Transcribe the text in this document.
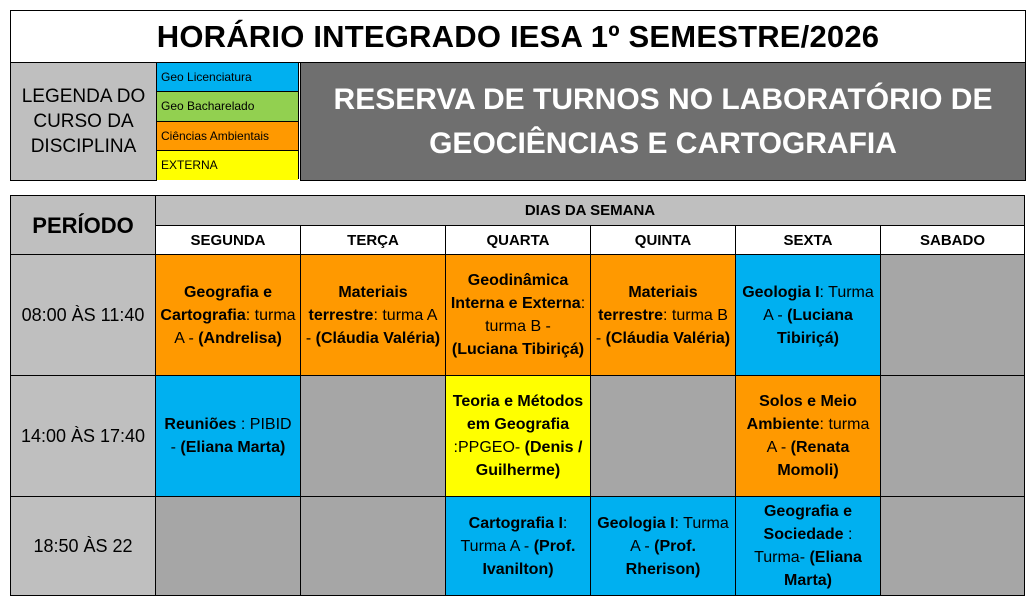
HORÁRIO INTEGRADO IESA 1º SEMESTRE/2026
LEGENDA DO
CURSO DA
DISCIPLINA
Geo Licenciatura
Geo Bacharelado
Ciências Ambientais
EXTERNA
RESERVA DE TURNOS NO LABORATÓRIO DE
GEOCIÊNCIAS E CARTOGRAFIA
PERÍODO	DIAS DA SEMANA					
	SEGUNDA	TERÇA	QUARTA	QUINTA	SEXTA	SABADO
08:00 ÀS 11:40	Geografia e Cartografia: turma A - (Andrelisa)	Materiais terrestre: turma A - (Cláudia Valéria)	Geodinâmica Interna e Externa: turma B - (Luciana Tibiriçá)	Materiais terrestre: turma B - (Cláudia Valéria)	Geologia I: Turma A - (Luciana Tibiriçá)	
14:00 ÀS 17:40	Reuniões : PIBID - (Eliana Marta)		Teoria e Métodos em Geografia :PPGEO- (Denis / Guilherme)		Solos e Meio Ambiente: turma A - (Renata Momoli)	
18:50 ÀS 22			Cartografia I: Turma A - (Prof. Ivanilton)	Geologia I: Turma A - (Prof. Rherison)	Geografia e Sociedade : Turma- (Eliana Marta)	
